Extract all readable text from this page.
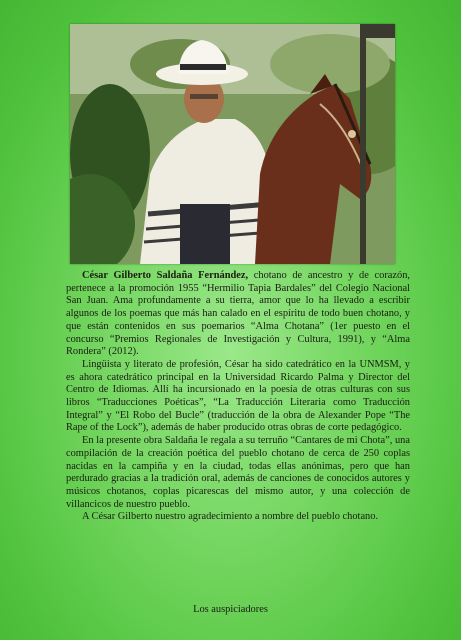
César Gilberto Saldaña Fernández, chotano de ancestro y de corazón, pertenece a la promoción 1955 “Hermilio Tapia Bardales” del Colegio Nacional San Juan. Ama profundamente a su tierra, amor que lo ha llevado a escribir algunos de los poemas que más han calado en el espíritu de todo buen chotano, y que están contenidos en sus poemarios “Alma Chotana” (1er puesto en el concurso “Premios Regionales de Investigación y Cultura, 1991), y “Alma Rondera” (2012).

Lingüista y literato de profesión, César ha sido catedrático en la UNMSM, y es ahora catedrático principal en la Universidad Ricardo Palma y Director del Centro de Idiomas. Allí ha incursionado en la poesía de otras culturas con sus libros “Traducciones Poéticas”, “La Traducción Literaria como Traducción Integral” y “El Robo del Bucle” (traducción de la obra de Alexander Pope “The Rape of the Lock”), además de haber producido otras obras de corte pedagógico.

En la presente obra Saldaña le regala a su terruño “Cantares de mi Chota”, una compilación de la creación poética del pueblo chotano de cerca de 250 coplas nacidas en la campiña y en la ciudad, todas ellas anónimas, pero que han perdurado gracias a la tradición oral, además de canciones de conocidos autores y músicos chotanos, coplas picarescas del mismo autor, y una colección de villancicos de nuestro pueblo.

A César Gilberto nuestro agradecimiento a nombre del pueblo chotano.

Los auspiciadores
